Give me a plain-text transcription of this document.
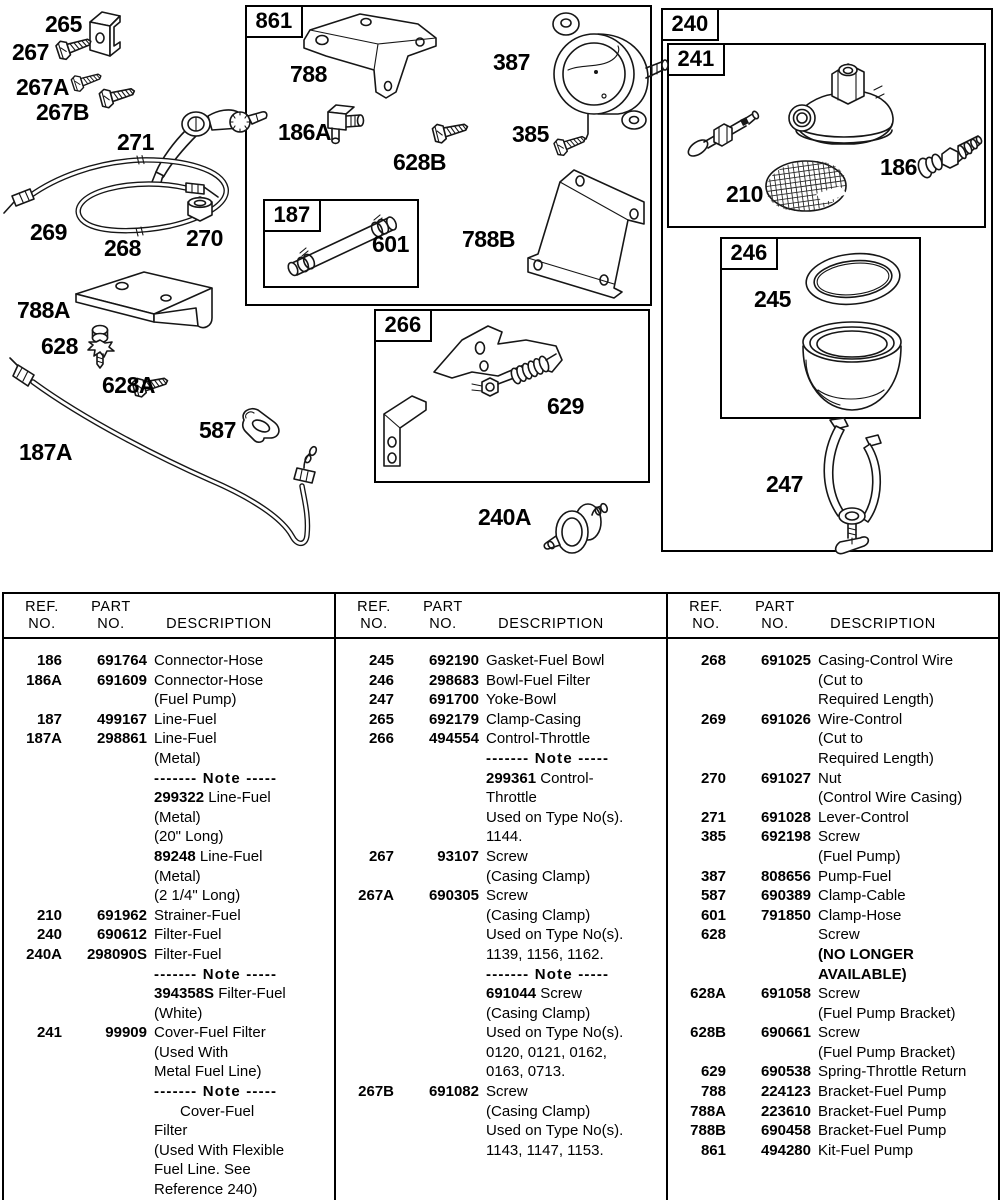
861
187
266
240
241
246
265
267
267A
267B
271
269
268 270
788
186A
628B
387
385
601 788B
788A
628
628A
587
187A
629
240A
210
186
245
247
REF.
NO.
PART
NO.	DESCRIPTION
186	691764 Connector-Hose
186A	691609 Connector-Hose
(Fuel Pump)
187	499167 Line-Fuel
187A	298861 Line-Fuel
(Metal)
------- Note -----
299322 Line-Fuel
(Metal)
(20" Long)
89248 Line-Fuel
(Metal)
(2 1/4" Long)
210	691962 Strainer-Fuel
240	690612 Filter-Fuel
240A	298090S Filter-Fuel
------- Note -----
394358S Filter-Fuel
(White)
241	99909 Cover-Fuel Filter
(Used With
Metal Fuel Line)
------- Note -----
Cover-Fuel
Filter
(Used With Flexible
Fuel Line. See
Reference 240)
REF.
NO.
PART
NO.	DESCRIPTION
245	692190 Gasket-Fuel Bowl
246	298683 Bowl-Fuel Filter
247	691700 Yoke-Bowl
265	692179 Clamp-Casing
266	494554 Control-Throttle
------- Note -----
299361 Control-
Throttle
Used on Type No(s).
1144.
267	93107 Screw
(Casing Clamp)
267A	690305 Screw
(Casing Clamp)
Used on Type No(s).
1139, 1156, 1162.
------- Note -----
691044 Screw
(Casing Clamp)
Used on Type No(s).
0120, 0121, 0162,
0163, 0713.
267B	691082 Screw
(Casing Clamp)
Used on Type No(s).
1143, 1147, 1153.
REF.
NO.
PART
NO.	DESCRIPTION
268	691025 Casing-Control Wire
(Cut to
Required Length)
269	691026 Wire-Control
(Cut to
Required Length)
270	691027 Nut
(Control Wire Casing)
271	691028 Lever-Control
385	692198 Screw
(Fuel Pump)
387	808656 Pump-Fuel
587	690389 Clamp-Cable
601	791850 Clamp-Hose
628	Screw
(NO LONGER
AVAILABLE)
628A	691058 Screw
(Fuel Pump Bracket)
628B	690661 Screw
(Fuel Pump Bracket)
629	690538 Spring-Throttle Return
788	224123 Bracket-Fuel Pump
788A	223610 Bracket-Fuel Pump
788B	690458 Bracket-Fuel Pump
861	494280 Kit-Fuel Pump
